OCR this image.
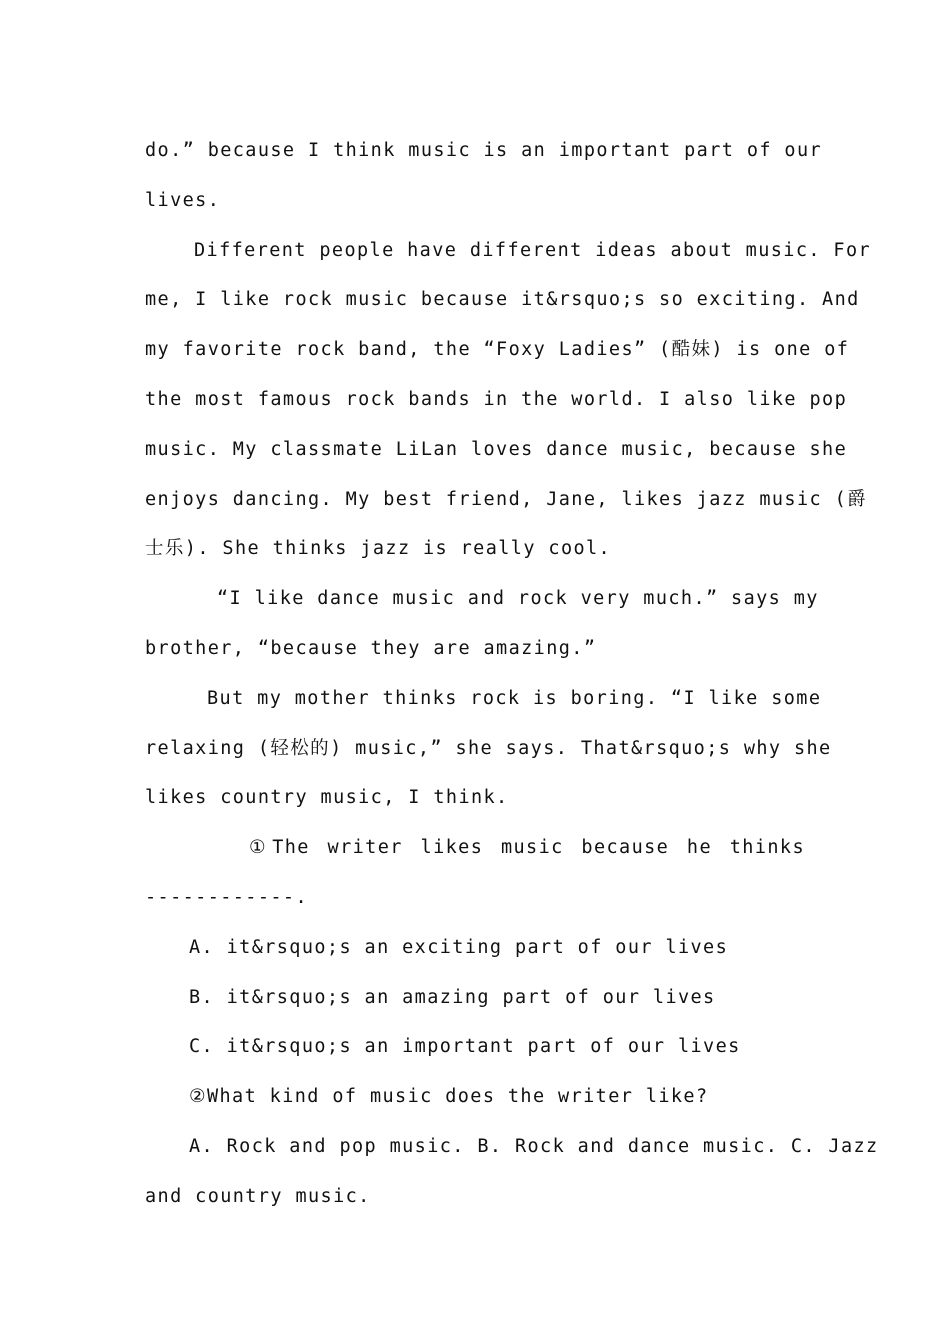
do.” because I think music is an important part of our
lives.
Different people have different ideas about music. For
me, I like rock music because it&rsquo;s so exciting. And
my favorite rock band, the “Foxy Ladies” (酷妹) is one of
the most famous rock bands in the world. I also like pop
music. My classmate LiLan loves dance music, because she
enjoys dancing. My best friend, Jane, likes jazz music (爵
士乐). She thinks jazz is really cool.
“I like dance music and rock very much.” says my
brother, “because they are amazing.”
But my mother thinks rock is boring. “I like some
relaxing (轻松的) music,” she says. That&rsquo;s why she
likes country music, I think.
①The writer likes music because he thinks
------------.
A. it&rsquo;s an exciting part of our lives
B. it&rsquo;s an amazing part of our lives
C. it&rsquo;s an important part of our lives
②What kind of music does the writer like?
A. Rock and pop music. B. Rock and dance music. C. Jazz
and country music.
